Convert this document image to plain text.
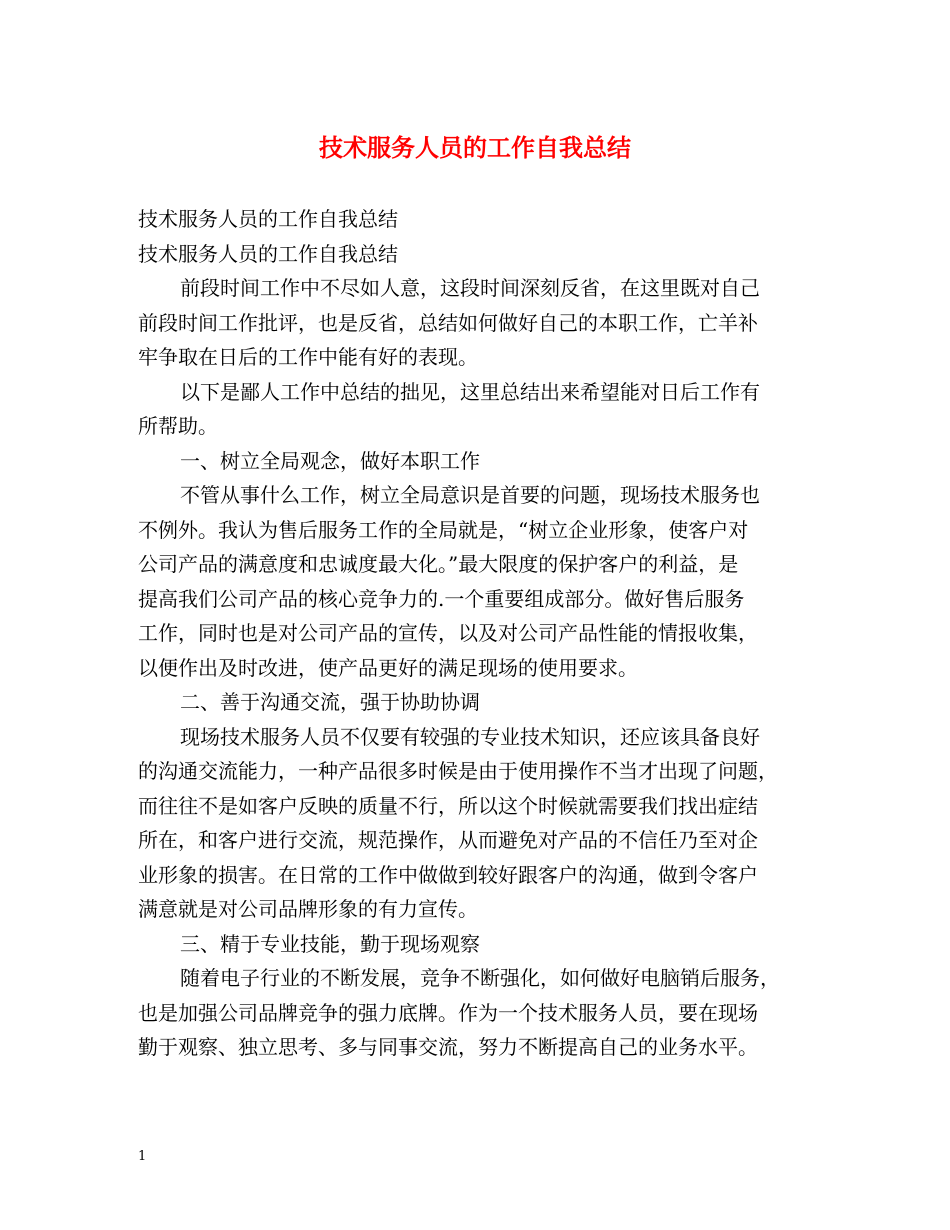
技术服务人员的工作自我总结
技术服务人员的工作自我总结
技术服务人员的工作自我总结
前段时间工作中不尽如人意，这段时间深刻反省，在这里既对自己
前段时间工作批评，也是反省，总结如何做好自己的本职工作，亡羊补
牢争取在日后的工作中能有好的表现。
以下是鄙人工作中总结的拙见，这里总结出来希望能对日后工作有
所帮助。
一、树立全局观念，做好本职工作
不管从事什么工作，树立全局意识是首要的问题，现场技术服务也
不例外。我认为售后服务工作的全局就是，“树立企业形象，使客户对
公司产品的满意度和忠诚度最大化。”最大限度的保护客户的利益，是
提高我们公司产品的核心竞争力的.一个重要组成部分。做好售后服务
工作，同时也是对公司产品的宣传，以及对公司产品性能的情报收集，
以便作出及时改进，使产品更好的满足现场的使用要求。
二、善于沟通交流，强于协助协调
现场技术服务人员不仅要有较强的专业技术知识，还应该具备良好
的沟通交流能力，一种产品很多时候是由于使用操作不当才出现了问题，
而往往不是如客户反映的质量不行，所以这个时候就需要我们找出症结
所在，和客户进行交流，规范操作，从而避免对产品的不信任乃至对企
业形象的损害。在日常的工作中做做到较好跟客户的沟通，做到令客户
满意就是对公司品牌形象的有力宣传。
三、精于专业技能，勤于现场观察
随着电子行业的不断发展，竞争不断强化，如何做好电脑销后服务，
也是加强公司品牌竞争的强力底牌。作为一个技术服务人员，要在现场
勤于观察、独立思考、多与同事交流，努力不断提高自己的业务水平。
1
